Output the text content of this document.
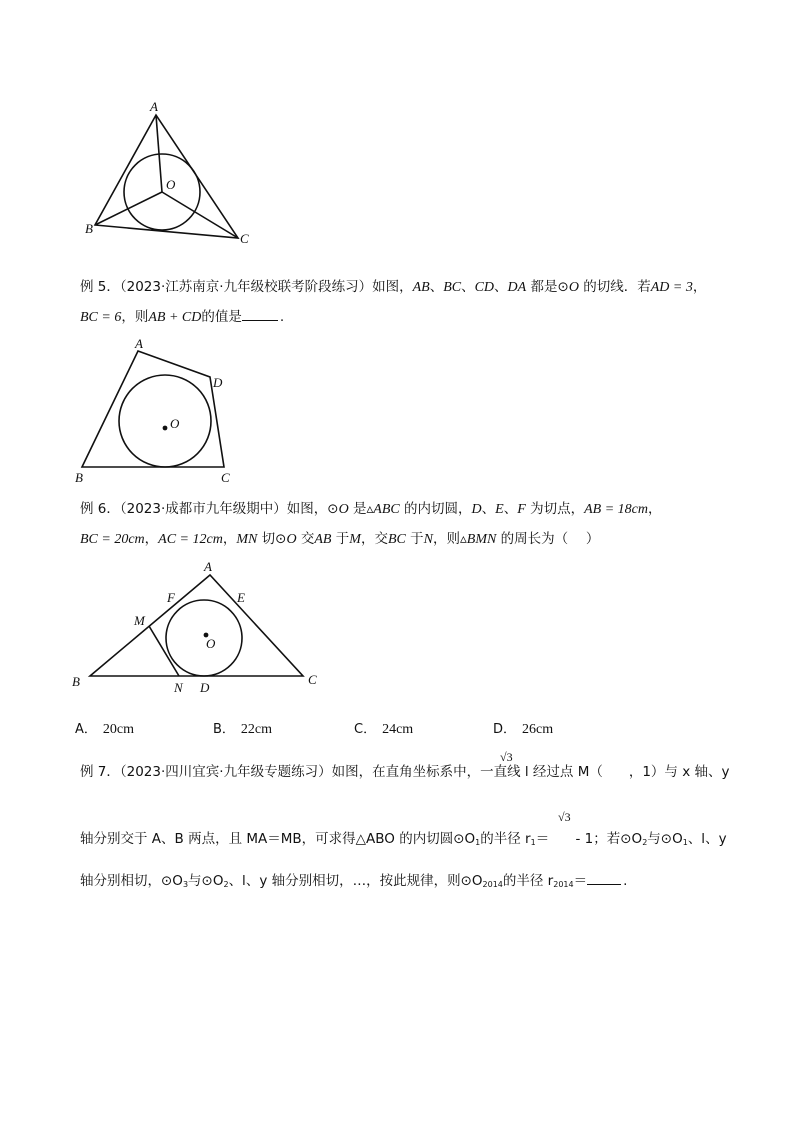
A
B
C
O
例 5．（2023·江苏南京·九年级校联考阶段练习）如图，AB、BC、CD、DA 都是⊙O 的切线．若AD = 3，
BC = 6，则AB + CD的值是	.
A
D
B	C
O
例 6．（2023·成都市九年级期中）如图，⊙O 是▵ABC 的内切圆，D、E、F 为切点，AB = 18cm，
BC = 20cm，AC = 12cm，MN 切⊙O 交AB 于M，交BC 于N，则▵BMN 的周长为（　 ）
A
F	E
M
O
B	N D
C
A． 20cm	B． 22cm	C． 24cm	D． 26cm
√3
例 7．（2023·四川宜宾·九年级专题练习）如图，在直角坐标系中，一直线 l 经过点 M（ ，1）与 x 轴、y
√3
轴分别交于 A、B 两点，且 MA＝MB，可求得△ABO 的内切圆$⊙O_1$的半径 $r_1= - 1$；若$⊙O_2$与$⊙O_1$、l、y
轴分别相切，$⊙O_3$与$⊙O_2$、l、y 轴分别相切，…，按此规律，则$⊙O_{2014}$的半径 $r_{2014}=$	.
